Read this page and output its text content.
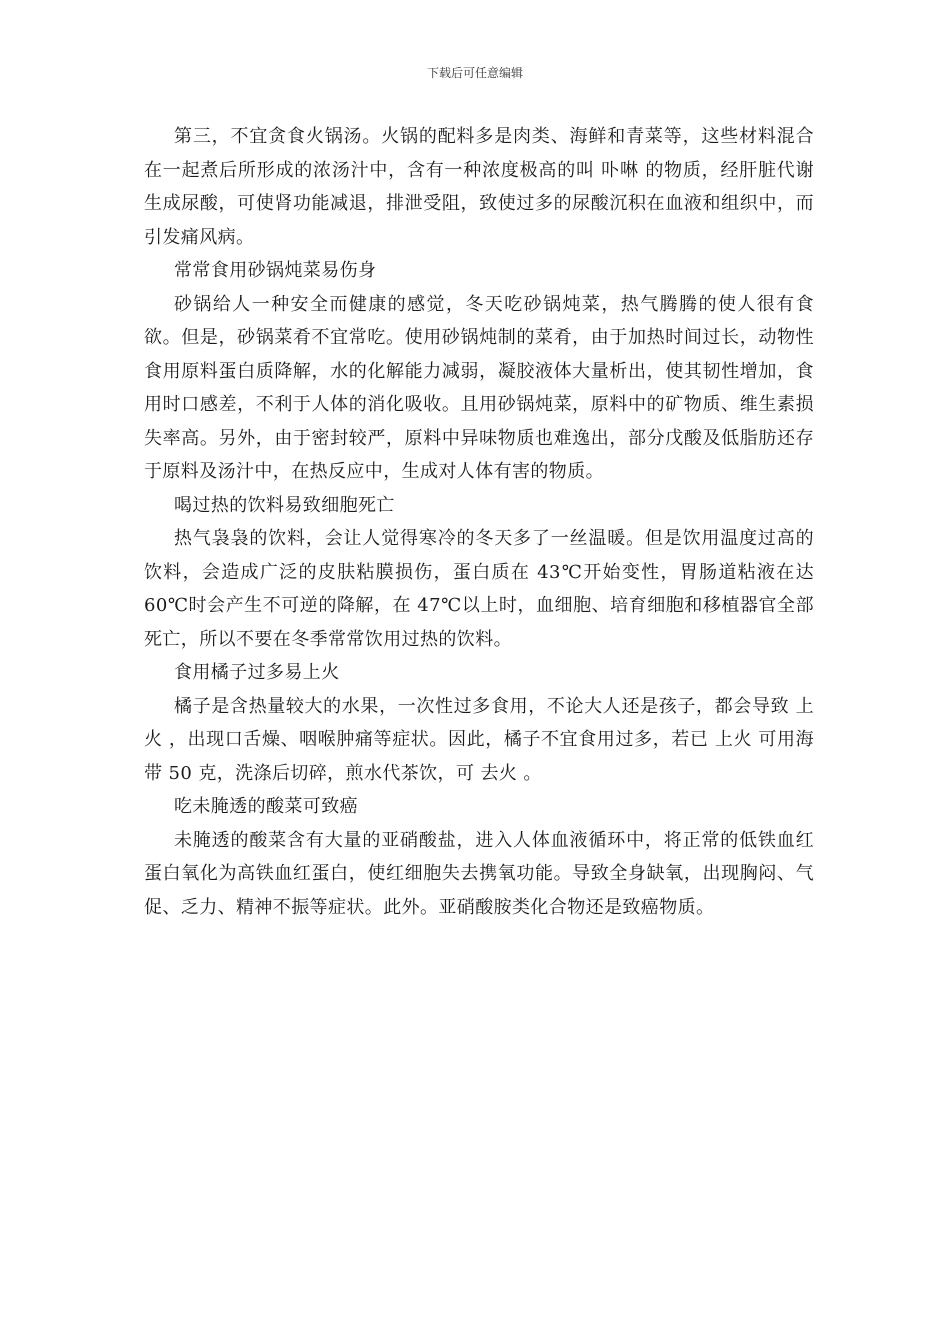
下载后可任意编辑

第三，不宜贪食火锅汤。火锅的配料多是肉类、海鲜和青菜等，这些材料混合在一起煮后所形成的浓汤汁中，含有一种浓度极高的叫 卟啉 的物质，经肝脏代谢生成尿酸，可使肾功能减退，排泄受阻，致使过多的尿酸沉积在血液和组织中，而引发痛风病。

常常食用砂锅炖菜易伤身

砂锅给人一种安全而健康的感觉，冬天吃砂锅炖菜，热气腾腾的使人很有食欲。但是，砂锅菜肴不宜常吃。使用砂锅炖制的菜肴，由于加热时间过长，动物性食用原料蛋白质降解，水的化解能力减弱，凝胶液体大量析出，使其韧性增加，食用时口感差，不利于人体的消化吸收。且用砂锅炖菜，原料中的矿物质、维生素损失率高。另外，由于密封较严，原料中异味物质也难逸出，部分戊酸及低脂肪还存于原料及汤汁中，在热反应中，生成对人体有害的物质。

喝过热的饮料易致细胞死亡

热气袅袅的饮料，会让人觉得寒冷的冬天多了一丝温暖。但是饮用温度过高的饮料，会造成广泛的皮肤粘膜损伤，蛋白质在 43℃开始变性，胃肠道粘液在达 60℃时会产生不可逆的降解，在 47℃以上时，血细胞、培育细胞和移植器官全部死亡，所以不要在冬季常常饮用过热的饮料。

食用橘子过多易上火

橘子是含热量较大的水果，一次性过多食用，不论大人还是孩子，都会导致 上火 ，出现口舌燥、咽喉肿痛等症状。因此，橘子不宜食用过多，若已 上火 可用海带 50 克，洗涤后切碎，煎水代茶饮，可 去火 。

吃未腌透的酸菜可致癌

未腌透的酸菜含有大量的亚硝酸盐，进入人体血液循环中，将正常的低铁血红蛋白氧化为高铁血红蛋白，使红细胞失去携氧功能。导致全身缺氧，出现胸闷、气促、乏力、精神不振等症状。此外。亚硝酸胺类化合物还是致癌物质。
